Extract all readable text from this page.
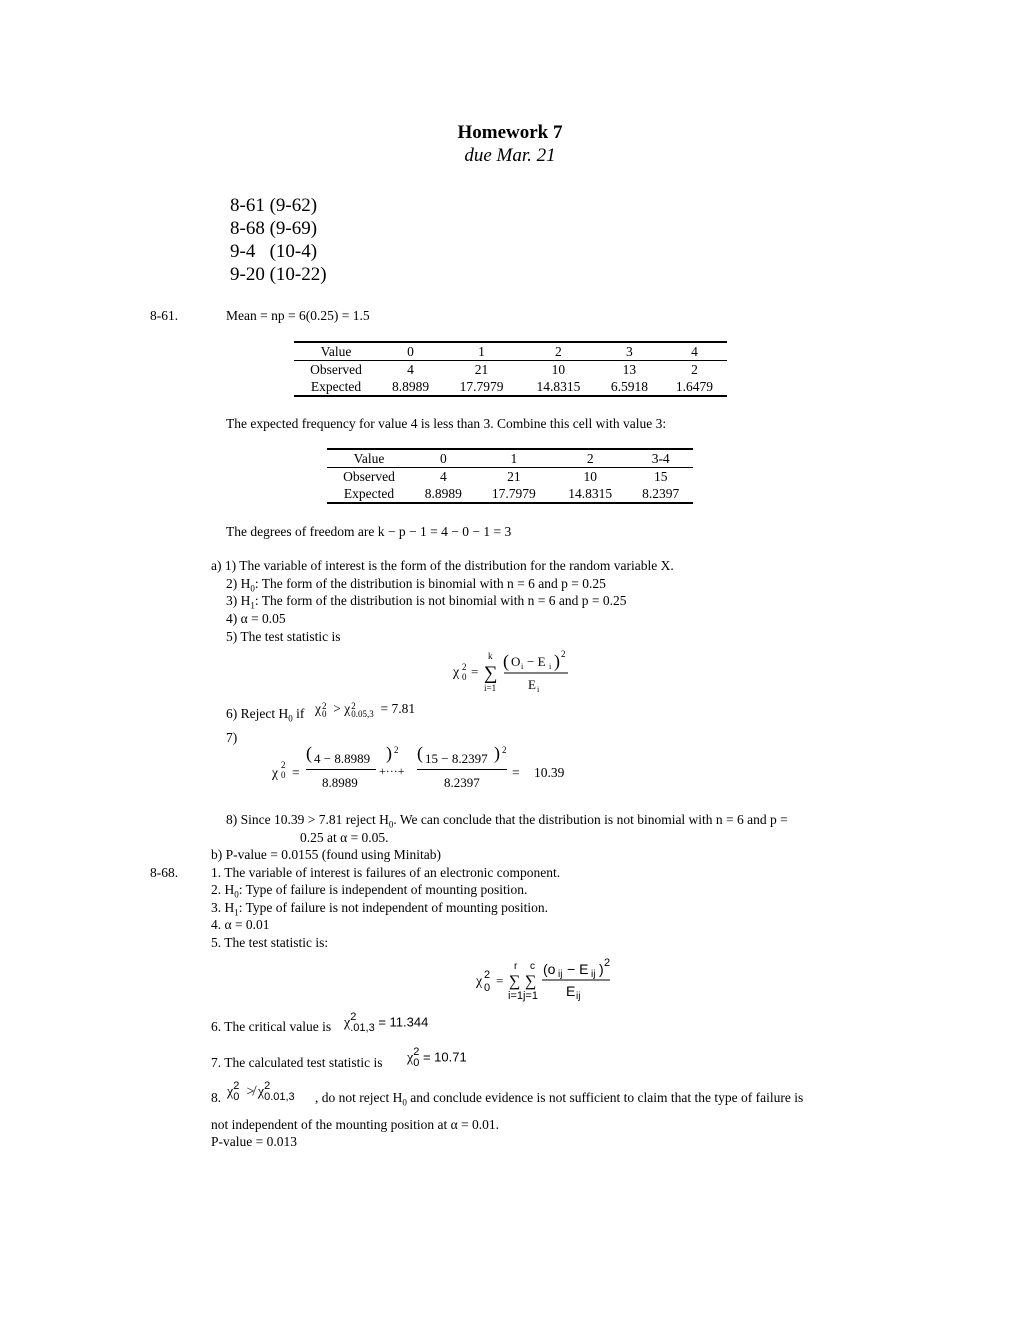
Homework 7
due Mar. 21
8-61 (9-62)
8-68 (9-69)
9-4   (10-4)
9-20 (10-22)
8-61.	Mean = np = 6(0.25) = 1.5
Value	0	1	2	3	4
Observed	4	21	10	13	2
Expected	8.8989	17.7979	14.8315	6.5918	1.6479
The expected frequency for value 4 is less than 3. Combine this cell with value 3:
Value	0	1	2	3-4
Observed	4	21	10	15
Expected	8.8989	17.7979	14.8315	8.2397
The degrees of freedom are k − p − 1 = 4 − 0 − 1 = 3
a) 1) The variable of interest is the form of the distribution for the random variable X.
2) $H_0$: The form of the distribution is binomial with n = 6 and p = 0.25
3) $H_1$: The form of the distribution is not binomial with n = 6 and p = 0.25
4) α = 0.05
5) The test statistic is
χ 2
0 =
k
∑
i=1
( O i − E i ) 2
E i
6) Reject $H_0$ if χ 2
0 > χ 2
0.05,3 = 7.81
7)
χ 2
0 =
( 4 − 8.8989 ) 2
8.8989
+···+
( 15 − 8.2397 ) 2
8.2397
= 10.39
8) Since 10.39 > 7.81 reject $H_0$. We can conclude that the distribution is not binomial with n = 6 and p =
0.25 at α = 0.05.
b) P-value = 0.0155 (found using Minitab)
8-68. 1. The variable of interest is failures of an electronic component.
2. $H_0$: Type of failure is independent of mounting position.
3. $H_1$: Type of failure is not independent of mounting position.
4. α = 0.01
5. The test statistic is:
χ 2
0 =
r c
∑ ∑
i=1j=1
(o ij − E ij ) 2
E ij
6. The critical value is χ 2
.01,3 = 11.344
7. The calculated test statistic is χ 2
0 = 10.71
8. χ 2
0 ≯ χ 2
0.01,3 , do not reject $H_0$ and conclude evidence is not sufficient to claim that the type of failure is
not independent of the mounting position at α = 0.01.
P-value = 0.013
